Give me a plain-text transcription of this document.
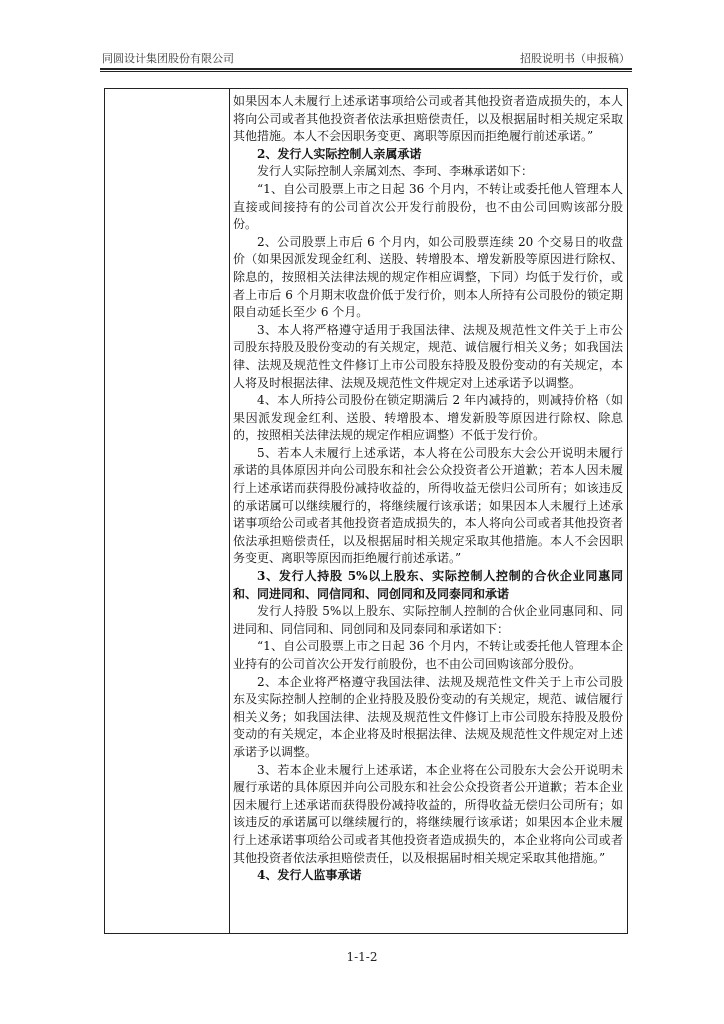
同圆设计集团股份有限公司	招股说明书（申报稿）

如果因本人未履行上述承诺事项给公司或者其他投资者造成损失的，本人将向公司或者其他投资者依法承担赔偿责任，以及根据届时相关规定采取其他措施。本人不会因职务变更、离职等原因而拒绝履行前述承诺。”

2、发行人实际控制人亲属承诺

发行人实际控制人亲属刘杰、李珂、李琳承诺如下：

“1、自公司股票上市之日起 36 个月内，不转让或委托他人管理本人直接或间接持有的公司首次公开发行前股份，也不由公司回购该部分股份。

2、公司股票上市后 6 个月内，如公司股票连续 20 个交易日的收盘价（如果因派发现金红利、送股、转增股本、增发新股等原因进行除权、除息的，按照相关法律法规的规定作相应调整，下同）均低于发行价，或者上市后 6 个月期末收盘价低于发行价，则本人所持有公司股份的锁定期限自动延长至少 6 个月。

3、本人将严格遵守适用于我国法律、法规及规范性文件关于上市公司股东持股及股份变动的有关规定，规范、诚信履行相关义务；如我国法律、法规及规范性文件修订上市公司股东持股及股份变动的有关规定，本人将及时根据法律、法规及规范性文件规定对上述承诺予以调整。

4、本人所持公司股份在锁定期满后 2 年内减持的，则减持价格（如果因派发现金红利、送股、转增股本、增发新股等原因进行除权、除息的，按照相关法律法规的规定作相应调整）不低于发行价。

5、若本人未履行上述承诺，本人将在公司股东大会公开说明未履行承诺的具体原因并向公司股东和社会公众投资者公开道歉；若本人因未履行上述承诺而获得股份减持收益的，所得收益无偿归公司所有；如该违反的承诺属可以继续履行的，将继续履行该承诺；如果因本人未履行上述承诺事项给公司或者其他投资者造成损失的，本人将向公司或者其他投资者依法承担赔偿责任，以及根据届时相关规定采取其他措施。本人不会因职务变更、离职等原因而拒绝履行前述承诺。”

3、发行人持股 5%以上股东、实际控制人控制的合伙企业同惠同和、同进同和、同信同和、同创同和及同泰同和承诺

发行人持股 5%以上股东、实际控制人控制的合伙企业同惠同和、同进同和、同信同和、同创同和及同泰同和承诺如下：

“1、自公司股票上市之日起 36 个月内，不转让或委托他人管理本企业持有的公司首次公开发行前股份，也不由公司回购该部分股份。

2、本企业将严格遵守我国法律、法规及规范性文件关于上市公司股东及实际控制人控制的企业持股及股份变动的有关规定，规范、诚信履行相关义务；如我国法律、法规及规范性文件修订上市公司股东持股及股份变动的有关规定，本企业将及时根据法律、法规及规范性文件规定对上述承诺予以调整。

3、若本企业未履行上述承诺，本企业将在公司股东大会公开说明未履行承诺的具体原因并向公司股东和社会公众投资者公开道歉；若本企业因未履行上述承诺而获得股份减持收益的，所得收益无偿归公司所有；如该违反的承诺属可以继续履行的，将继续履行该承诺；如果因本企业未履行上述承诺事项给公司或者其他投资者造成损失的，本企业将向公司或者其他投资者依法承担赔偿责任，以及根据届时相关规定采取其他措施。”

4、发行人监事承诺

1-1-2
